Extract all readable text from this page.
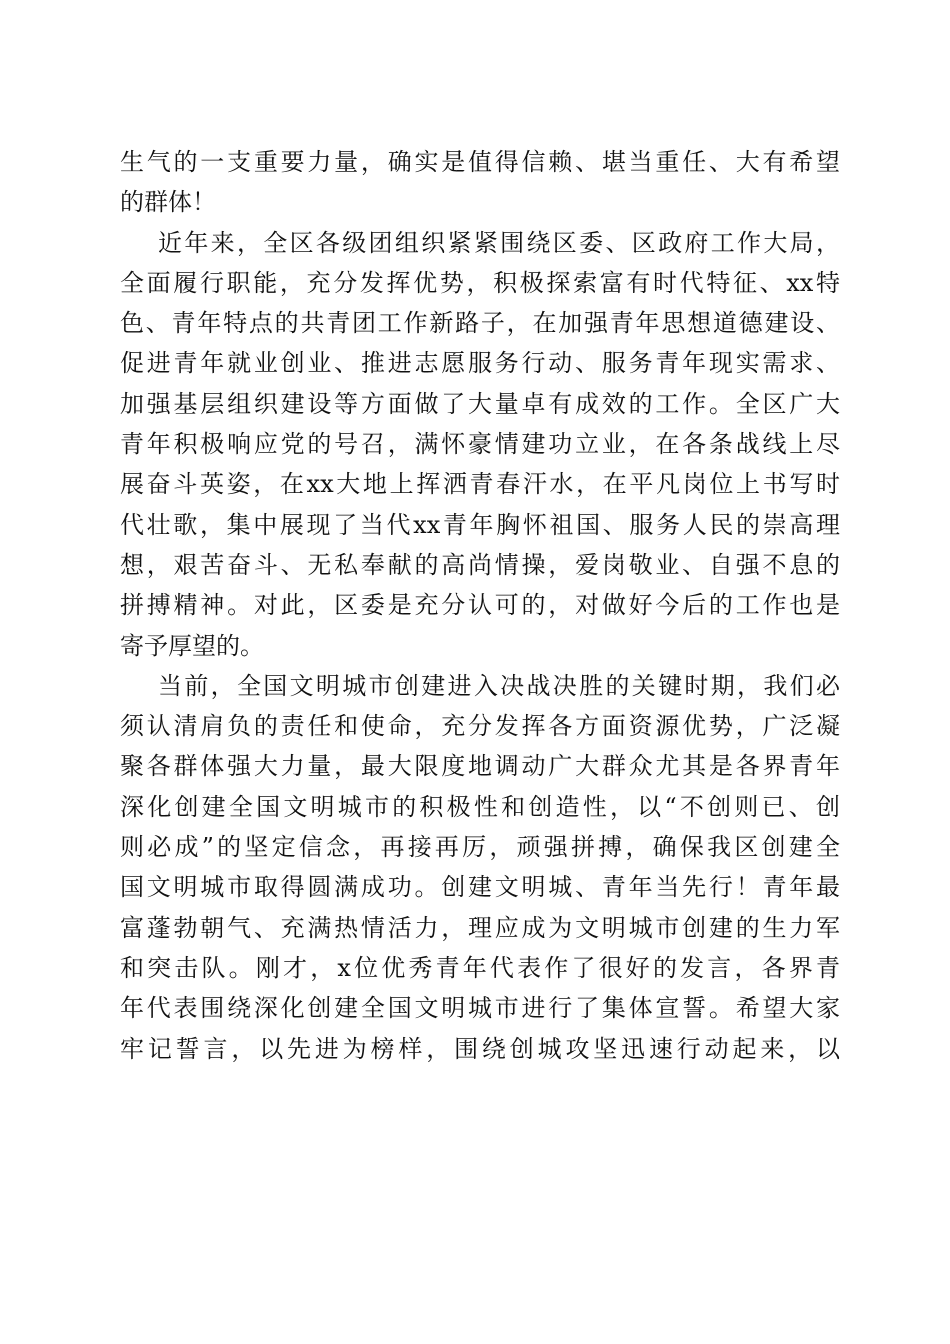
生气的一支重要力量，确实是值得信赖、堪当重任、大有希望
的群体！
近年来，全区各级团组织紧紧围绕区委、区政府工作大局，
全面履行职能，充分发挥优势，积极探索富有时代特征、xx特
色、青年特点的共青团工作新路子，在加强青年思想道德建设、
促进青年就业创业、推进志愿服务行动、服务青年现实需求、
加强基层组织建设等方面做了大量卓有成效的工作。全区广大
青年积极响应党的号召，满怀豪情建功立业，在各条战线上尽
展奋斗英姿，在xx大地上挥洒青春汗水，在平凡岗位上书写时
代壮歌，集中展现了当代xx青年胸怀祖国、服务人民的崇高理
想，艰苦奋斗、无私奉献的高尚情操，爱岗敬业、自强不息的
拼搏精神。对此，区委是充分认可的，对做好今后的工作也是
寄予厚望的。
当前，全国文明城市创建进入决战决胜的关键时期，我们必
须认清肩负的责任和使命，充分发挥各方面资源优势，广泛凝
聚各群体强大力量，最大限度地调动广大群众尤其是各界青年
深化创建全国文明城市的积极性和创造性，以“不创则已、创
则必成”的坚定信念，再接再厉，顽强拼搏，确保我区创建全
国文明城市取得圆满成功。创建文明城、青年当先行！青年最
富蓬勃朝气、充满热情活力，理应成为文明城市创建的生力军
和突击队。刚才，x位优秀青年代表作了很好的发言，各界青
年代表围绕深化创建全国文明城市进行了集体宣誓。希望大家
牢记誓言，以先进为榜样，围绕创城攻坚迅速行动起来，以
